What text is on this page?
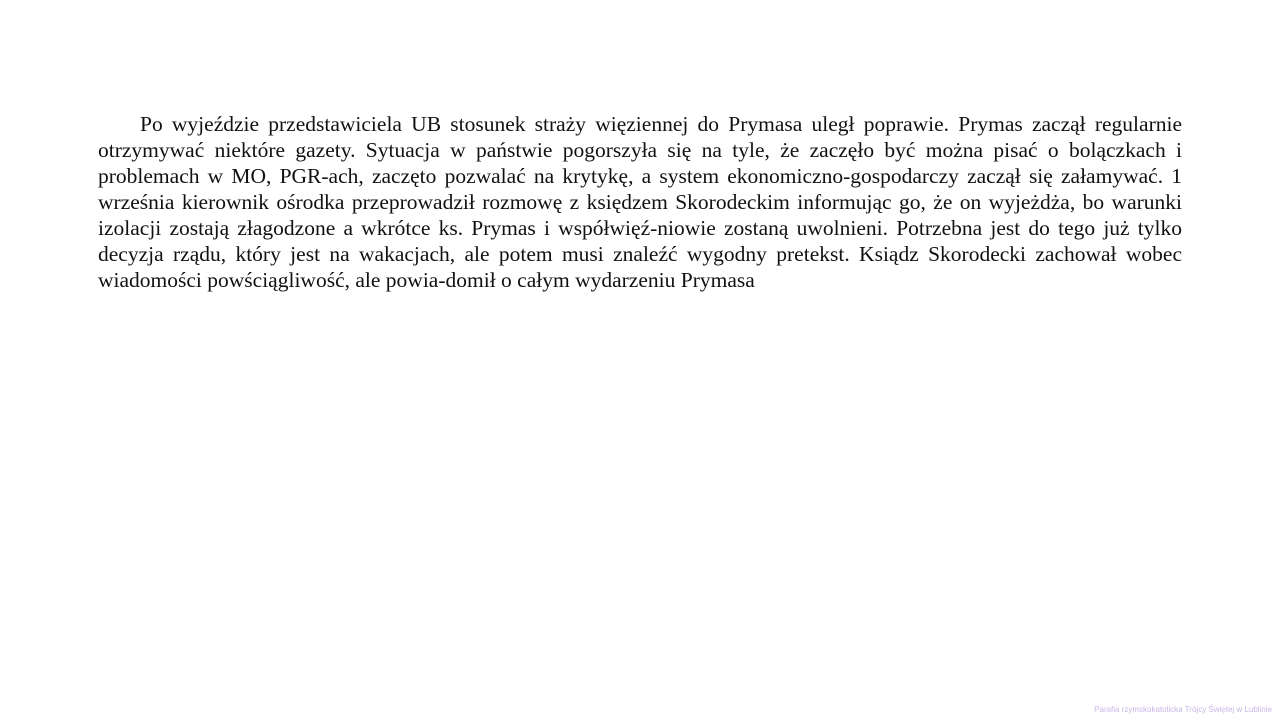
Po wyjeździe przedstawiciela UB stosunek straży więziennej do Prymasa uległ poprawie. Prymas zaczął regularnie otrzymywać niektóre gazety. Sytuacja w państwie pogorszyła się na tyle, że zaczęło być można pisać o bolączkach i problemach w MO, PGR-ach, zaczęto pozwalać na krytykę, a system ekonomiczno-gospodarczy zaczął się załamywać. 1 września kierownik ośrodka przeprowadził rozmowę z księdzem Skorodeckim informując go, że on wyjeżdża, bo warunki izolacji zostają złagodzone a wkrótce ks. Prymas i współwięź-niowie zostaną uwolnieni. Potrzebna jest do tego już tylko decyzja rządu, który jest na wakacjach, ale potem musi znaleźć wygodny pretekst. Ksiądz Skorodecki zachował wobec wiadomości powściągliwość, ale powia-domił o całym wydarzeniu Prymasa

Parafia rzymskokatolicka Trójcy Świętej w Lublinie
